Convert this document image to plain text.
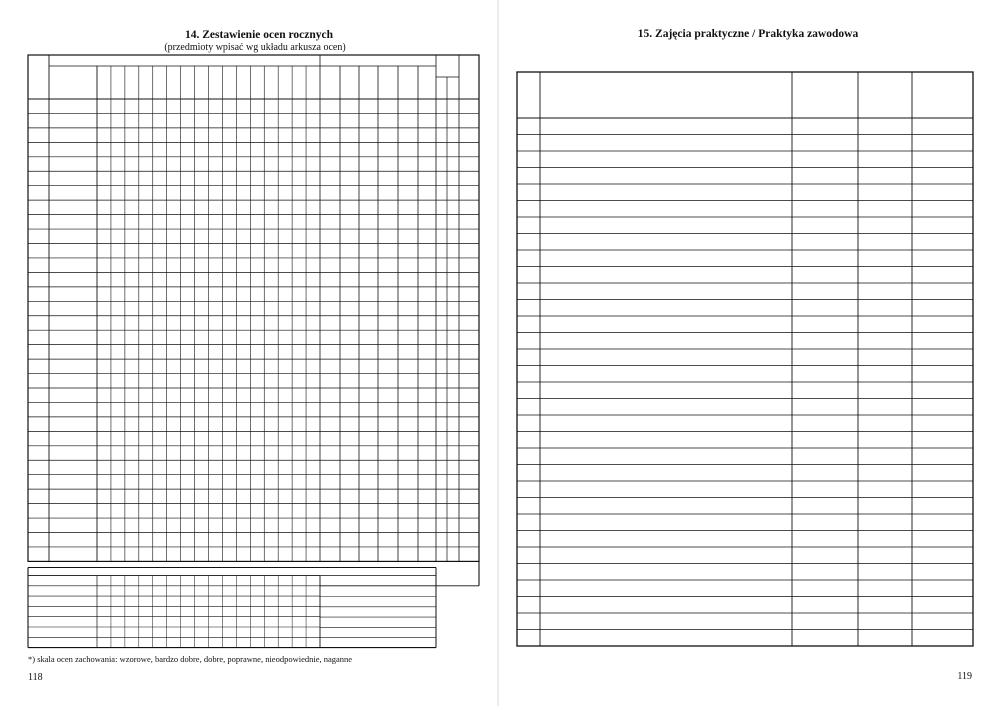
14. Zestawienie ocen rocznych
(przedmioty wpisać wg układu arkusza ocen)
*) skala ocen zachowania: wzorowe, bardzo dobre, dobre, poprawne, nieodpowiednie, naganne
118
15. Zajęcia praktyczne / Praktyka zawodowa
119
